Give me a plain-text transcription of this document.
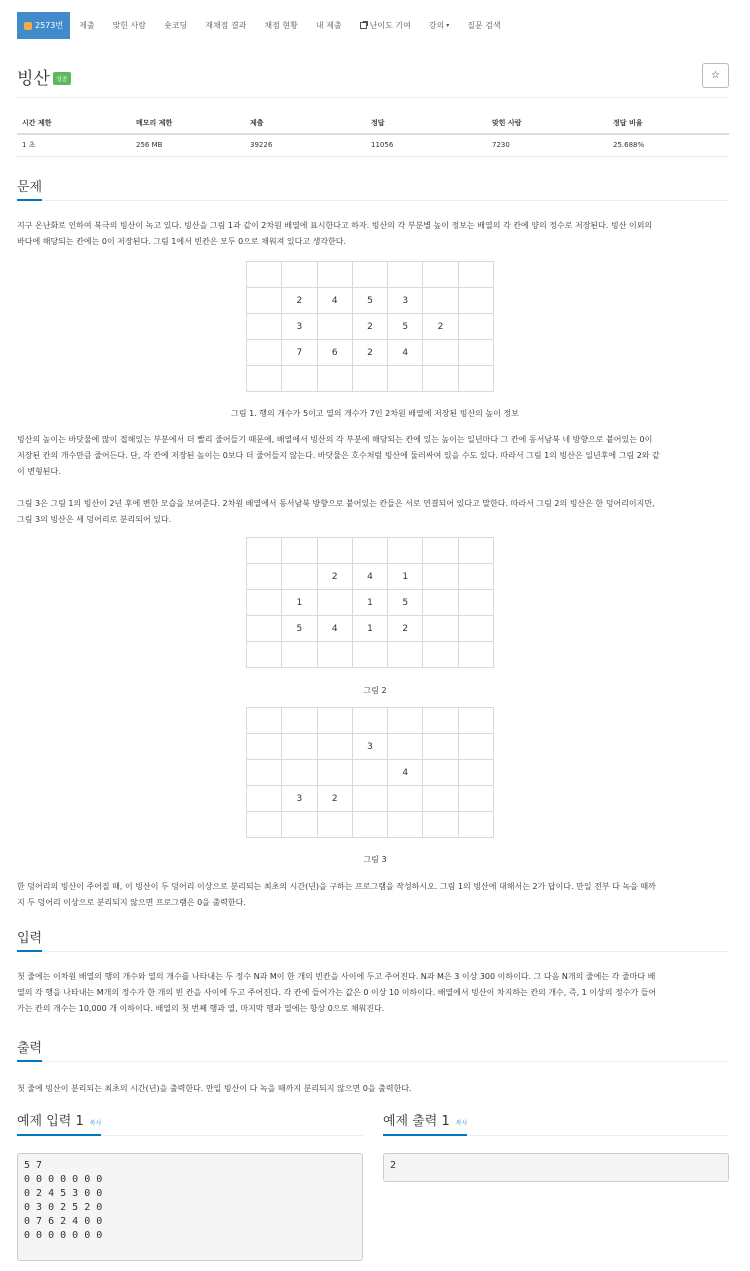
2573번	제출	맞힌 사람	숏코딩	재채점 결과	채점 현황	내 제출	난이도 기여 강의 ▾	질문 검색
빙산	성공	☆
시간 제한	메모리 제한	제출	정답	맞힌 사람	정답 비율
1 초	256 MB	39226	11056	7230	25.688%
문제
지구 온난화로 인하여 북극의 빙산이 녹고 있다. 빙산을 그림 1과 같이 2차원 배열에 표시한다고 하자. 빙산의 각 부분별 높이 정보는 배열의 각 칸에 양의 정수로 저장된다. 빙산 이외의
바다에 해당되는 칸에는 0이 저장된다. 그림 1에서 빈칸은 모두 0으로 채워져 있다고 생각한다.

	2	4	5	3		
	3		2	5	2	
	7	6	2	4		

그림 1. 행의 개수가 5이고 열의 개수가 7인 2차원 배열에 저장된 빙산의 높이 정보
빙산의 높이는 바닷물에 많이 접해있는 부분에서 더 빨리 줄어들기 때문에, 배열에서 빙산의 각 부분에 해당되는 칸에 있는 높이는 일년마다 그 칸에 동서남북 네 방향으로 붙어있는 0이
저장된 칸의 개수만큼 줄어든다. 단, 각 칸에 저장된 높이는 0보다 더 줄어들지 않는다. 바닷물은 호수처럼 빙산에 둘러싸여 있을 수도 있다. 따라서 그림 1의 빙산은 일년후에 그림 2와 같
이 변형된다.
그림 3은 그림 1의 빙산이 2년 후에 변한 모습을 보여준다. 2차원 배열에서 동서남북 방향으로 붙어있는 칸들은 서로 연결되어 있다고 말한다. 따라서 그림 2의 빙산은 한 덩어리이지만,
그림 3의 빙산은 세 덩어리로 분리되어 있다.

		2	4	1		
	1		1	5		
	5	4	1	2		

그림 2

			3			
				4		
	3	2				

그림 3
한 덩어리의 빙산이 주어질 때, 이 빙산이 두 덩어리 이상으로 분리되는 최초의 시간(년)을 구하는 프로그램을 작성하시오. 그림 1의 빙산에 대해서는 2가 답이다. 만일 전부 다 녹을 때까
지 두 덩어리 이상으로 분리되지 않으면 프로그램은 0을 출력한다.
입력
첫 줄에는 이차원 배열의 행의 개수와 열의 개수를 나타내는 두 정수 N과 M이 한 개의 빈칸을 사이에 두고 주어진다. N과 M은 3 이상 300 이하이다. 그 다음 N개의 줄에는 각 줄마다 배
열의 각 행을 나타내는 M개의 정수가 한 개의 빈 칸을 사이에 두고 주어진다. 각 칸에 들어가는 값은 0 이상 10 이하이다. 배열에서 빙산이 차지하는 칸의 개수, 즉, 1 이상의 정수가 들어
가는 칸의 개수는 10,000 개 이하이다. 배열의 첫 번째 행과 열, 마지막 행과 열에는 항상 0으로 채워진다.
출력
첫 줄에 빙산이 분리되는 최초의 시간(년)을 출력한다. 만일 빙산이 다 녹을 때까지 분리되지 않으면 0을 출력한다.
예제 입력 1 복사
5 7
0 0 0 0 0 0 0
0 2 4 5 3 0 0
0 3 0 2 5 2 0
0 7 6 2 4 0 0
0 0 0 0 0 0 0
예제 출력 1 복사
2
